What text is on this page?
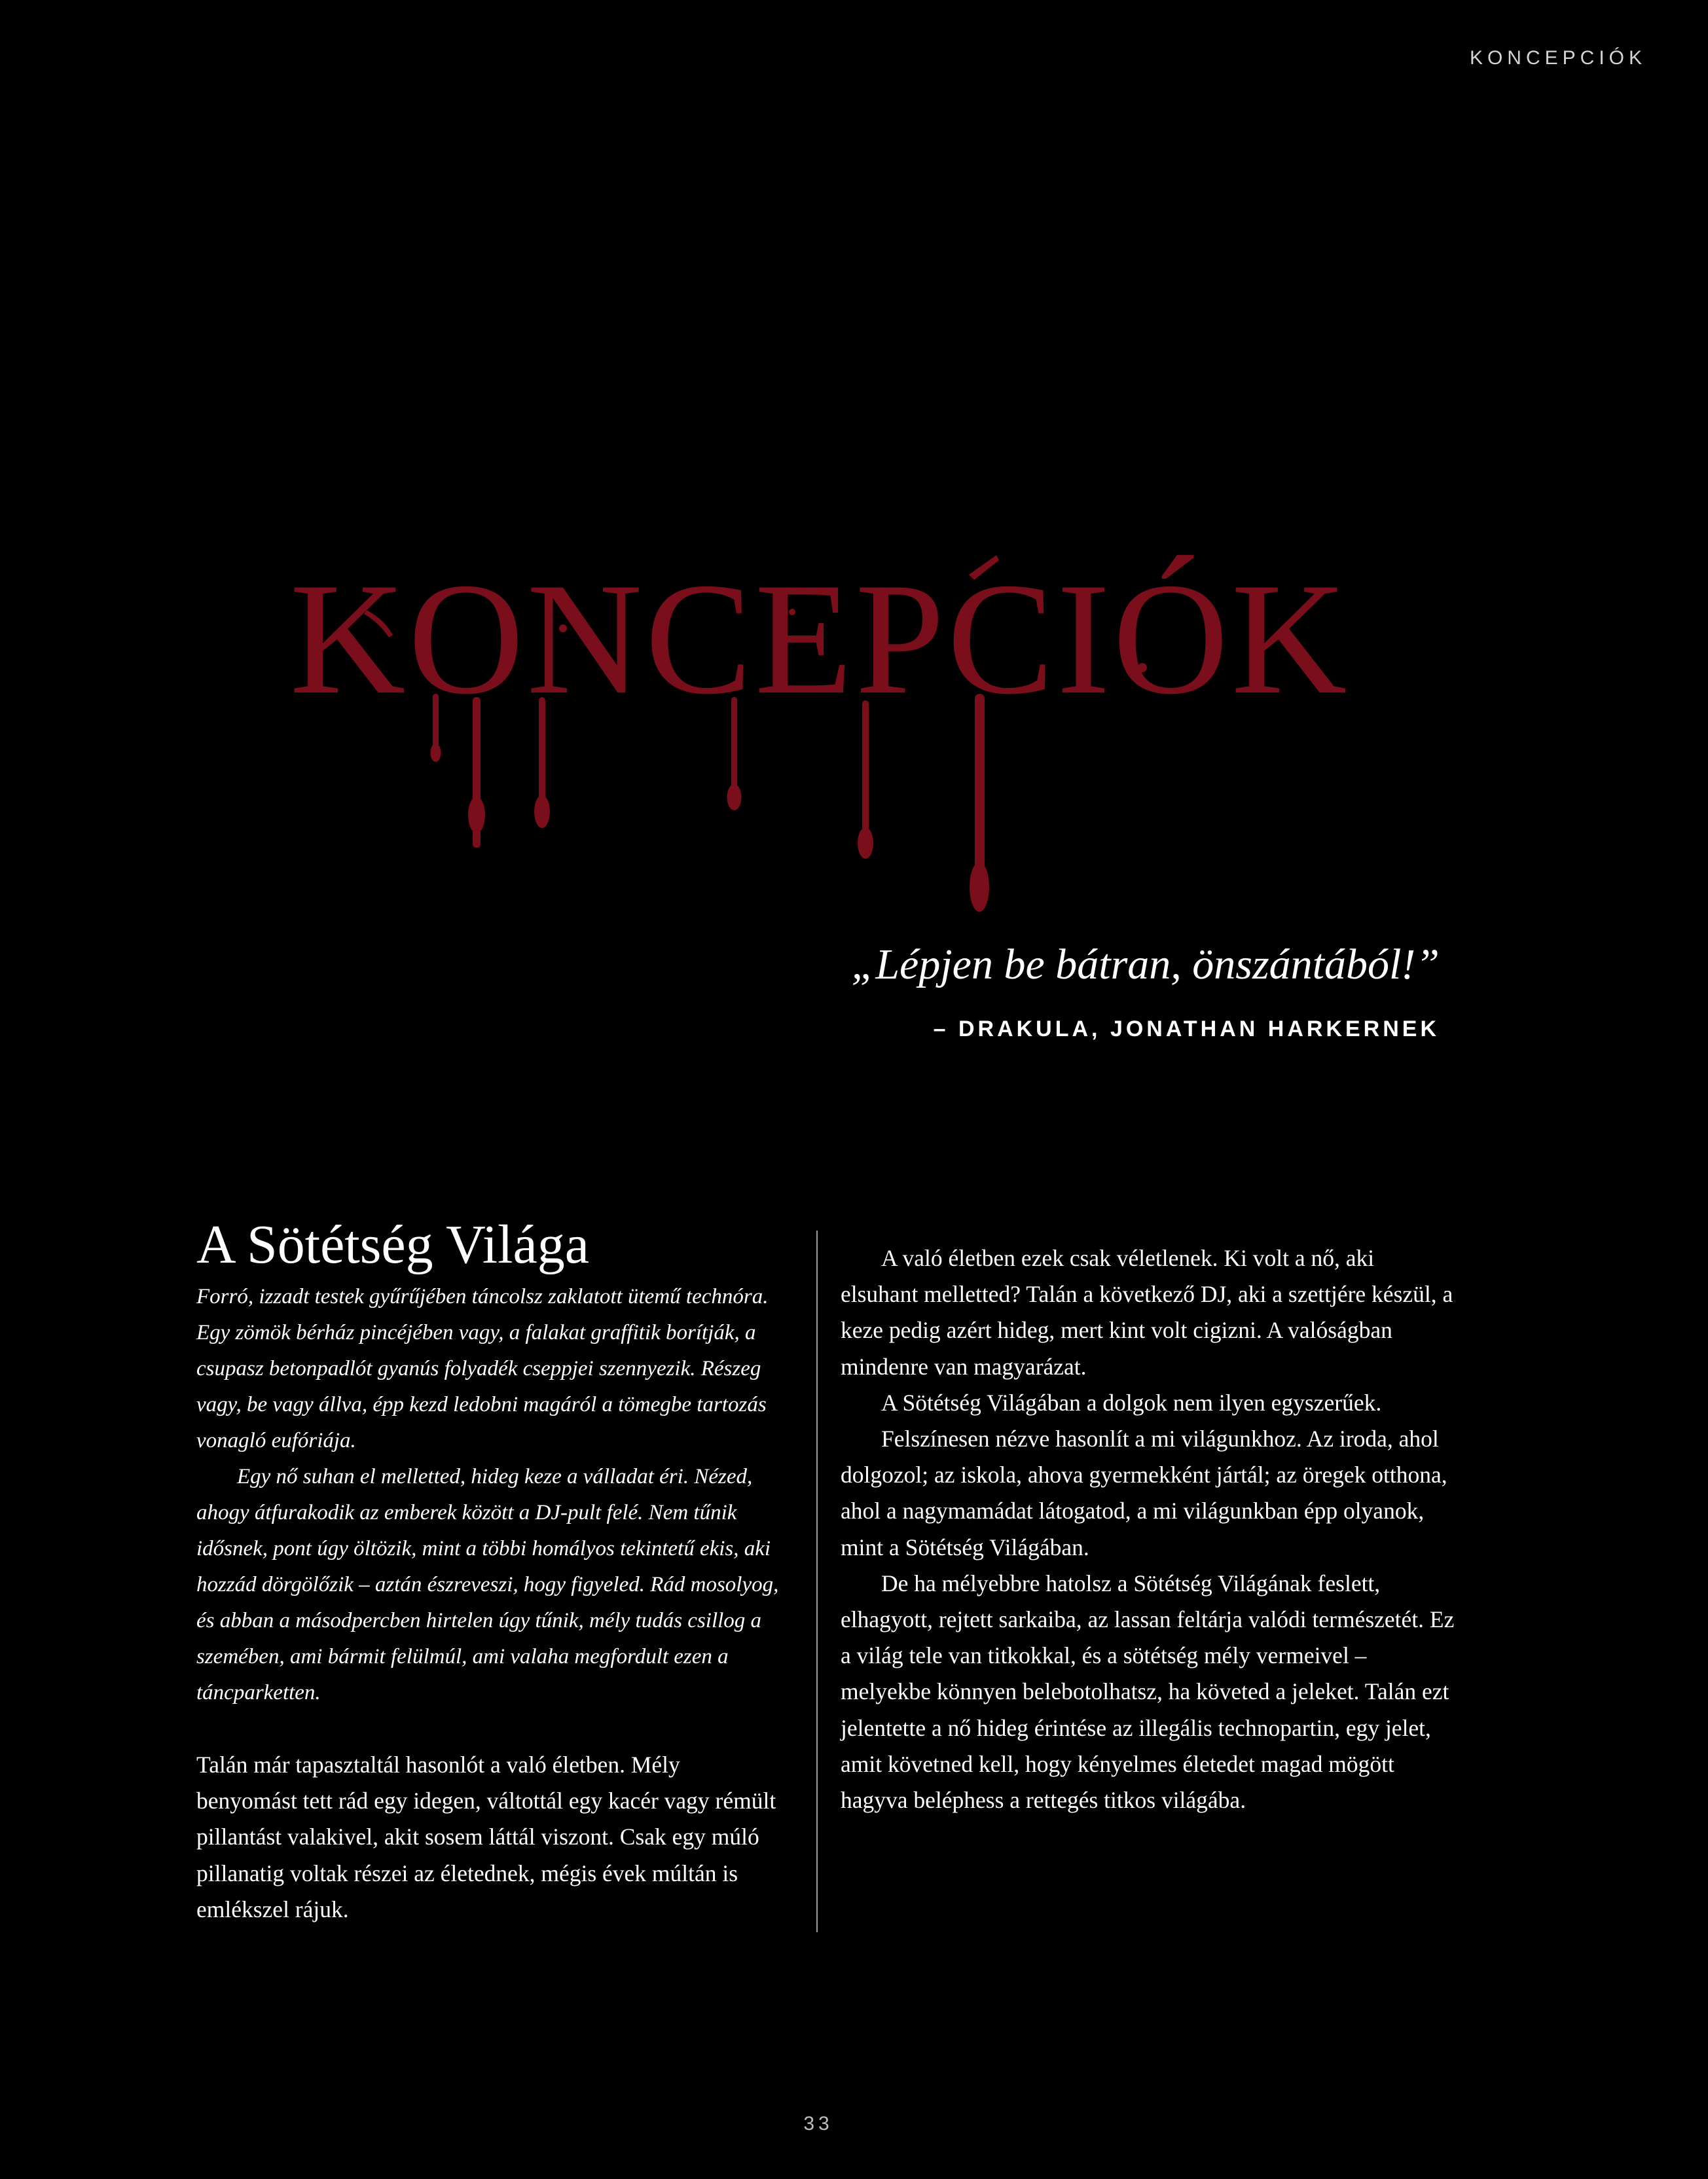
KONCEPCIÓK
KONCEPCIÓK
„Lépjen be bátran, önszántából!”
– DRAKULA, JONATHAN HARKERNEK
A Sötétség Világa

Forró, izzadt testek gyűrűjében táncolsz zaklatott ütemű technóra. Egy zömök bérház pincéjében vagy, a falakat graffitik borítják, a csupasz betonpadlót gyanús folyadék cseppjei szennyezik. Részeg vagy, be vagy állva, épp kezd ledobni magáról a tömegbe tartozás vonagló eufóriája.

Egy nő suhan el melletted, hideg keze a válladat éri. Nézed, ahogy átfurakodik az emberek között a DJ-pult felé. Nem tűnik idősnek, pont úgy öltözik, mint a többi homályos tekintetű ekis, aki hozzád dörgölőzik – aztán észreveszi, hogy figyeled. Rád mosolyog, és abban a másodpercben hirtelen úgy tűnik, mély tudás csillog a szemében, ami bármit felülmúl, ami valaha megfordult ezen a táncparketten.

Talán már tapasztaltál hasonlót a való életben. Mély benyomást tett rád egy idegen, váltottál egy kacér vagy rémült pillantást valakivel, akit sosem láttál viszont. Csak egy múló pillanatig voltak részei az életednek, mégis évek múltán is emlékszel rájuk.

A való életben ezek csak véletlenek. Ki volt a nő, aki elsuhant melletted? Talán a következő DJ, aki a szettjére készül, a keze pedig azért hideg, mert kint volt cigizni. A valóságban mindenre van magyarázat.

A Sötétség Világában a dolgok nem ilyen egyszerűek.

Felszínesen nézve hasonlít a mi világunkhoz. Az iroda, ahol dolgozol; az iskola, ahova gyermekként jártál; az öregek otthona, ahol a nagymamádat látogatod, a mi világunkban épp olyanok, mint a Sötétség Világában.

De ha mélyebbre hatolsz a Sötétség Világának feslett, elhagyott, rejtett sarkaiba, az lassan feltárja valódi természetét. Ez a világ tele van titkokkal, és a sötétség mély vermeivel – melyekbe könnyen belebotolhatsz, ha követed a jeleket. Talán ezt jelentette a nő hideg érintése az illegális technopartin, egy jelet, amit követned kell, hogy kényelmes életedet magad mögött hagyva beléphess a rettegés titkos világába.

33
